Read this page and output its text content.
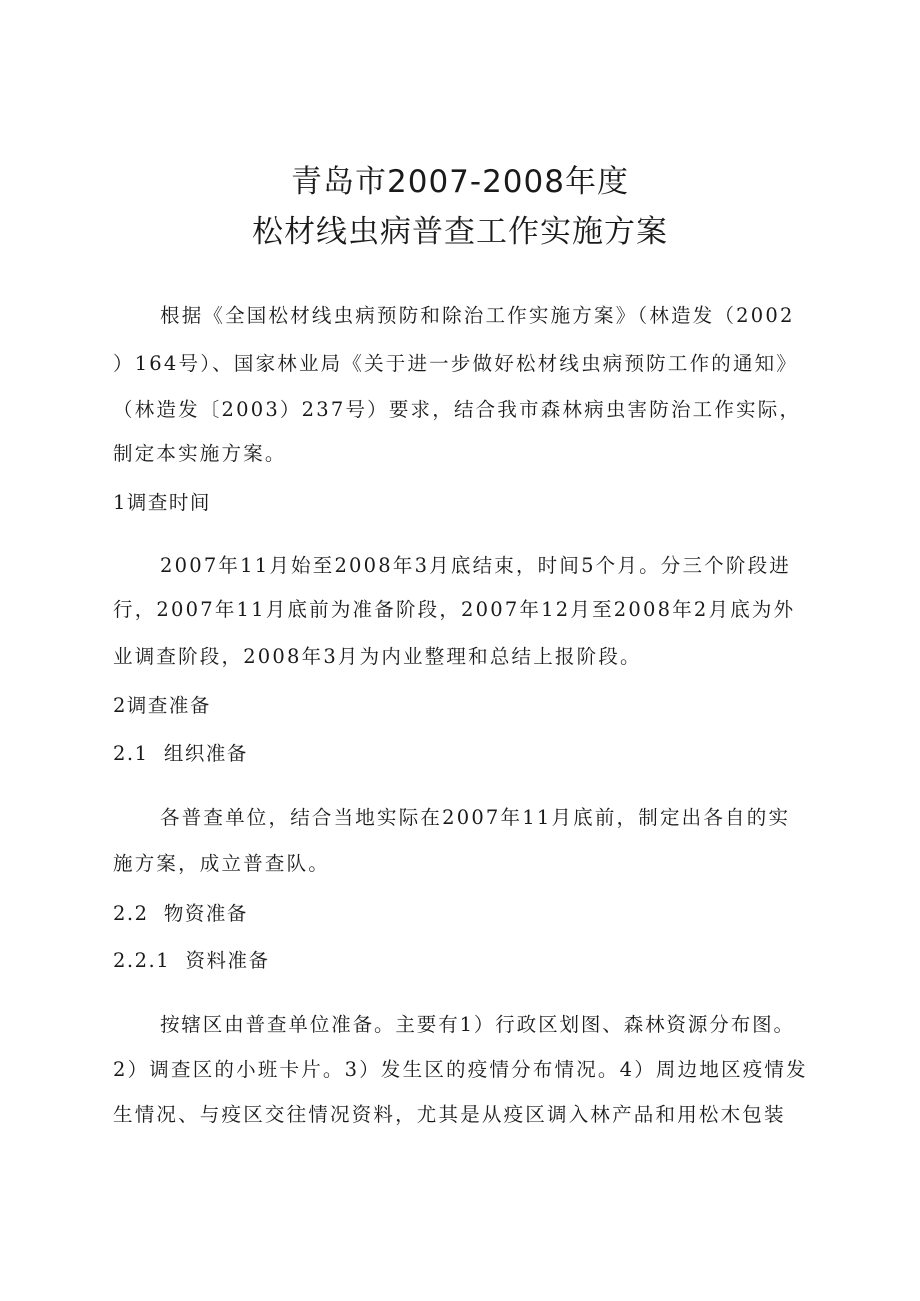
青岛市2007-2008年度
松材线虫病普查工作实施方案
根据《全国松材线虫病预防和除治工作实施方案》（林造发（2002
）164号）、国家林业局《关于进一步做好松材线虫病预防工作的通知》
（林造发〔2003）237号）要求，结合我市森林病虫害防治工作实际，
制定本实施方案。
1调查时间
2007年11月始至2008年3月底结束，时间5个月。分三个阶段进
行，2007年11月底前为准备阶段，2007年12月至2008年2月底为外
业调查阶段，2008年3月为内业整理和总结上报阶段。
2调查准备
2.1  组织准备
各普查单位，结合当地实际在2007年11月底前，制定出各自的实
施方案，成立普查队。
2.2  物资准备
2.2.1  资料准备
按辖区由普查单位准备。主要有1）行政区划图、森林资源分布图。
2）调查区的小班卡片。3）发生区的疫情分布情况。4）周边地区疫情发
生情况、与疫区交往情况资料，尤其是从疫区调入林产品和用松木包装
